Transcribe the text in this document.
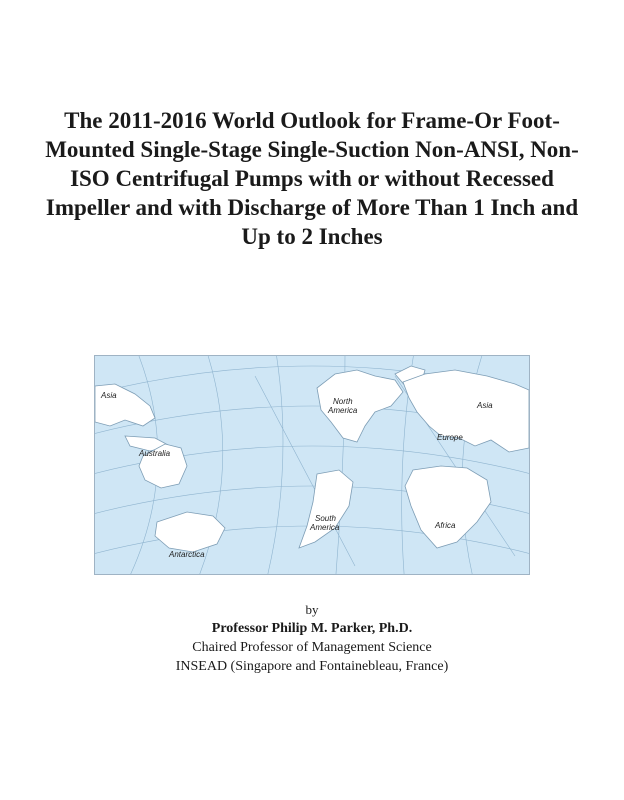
The 2011-2016 World Outlook for Frame-Or Foot-Mounted Single-Stage Single-Suction Non-ANSI, Non-ISO Centrifugal Pumps with or without Recessed Impeller and with Discharge of More Than 1 Inch and Up to 2 Inches
Asia
Australia
Antarctica
North America
Asia
Europe
South America	Africa
by
Professor Philip M. Parker, Ph.D.
Chaired Professor of Management Science
INSEAD (Singapore and Fontainebleau, France)
